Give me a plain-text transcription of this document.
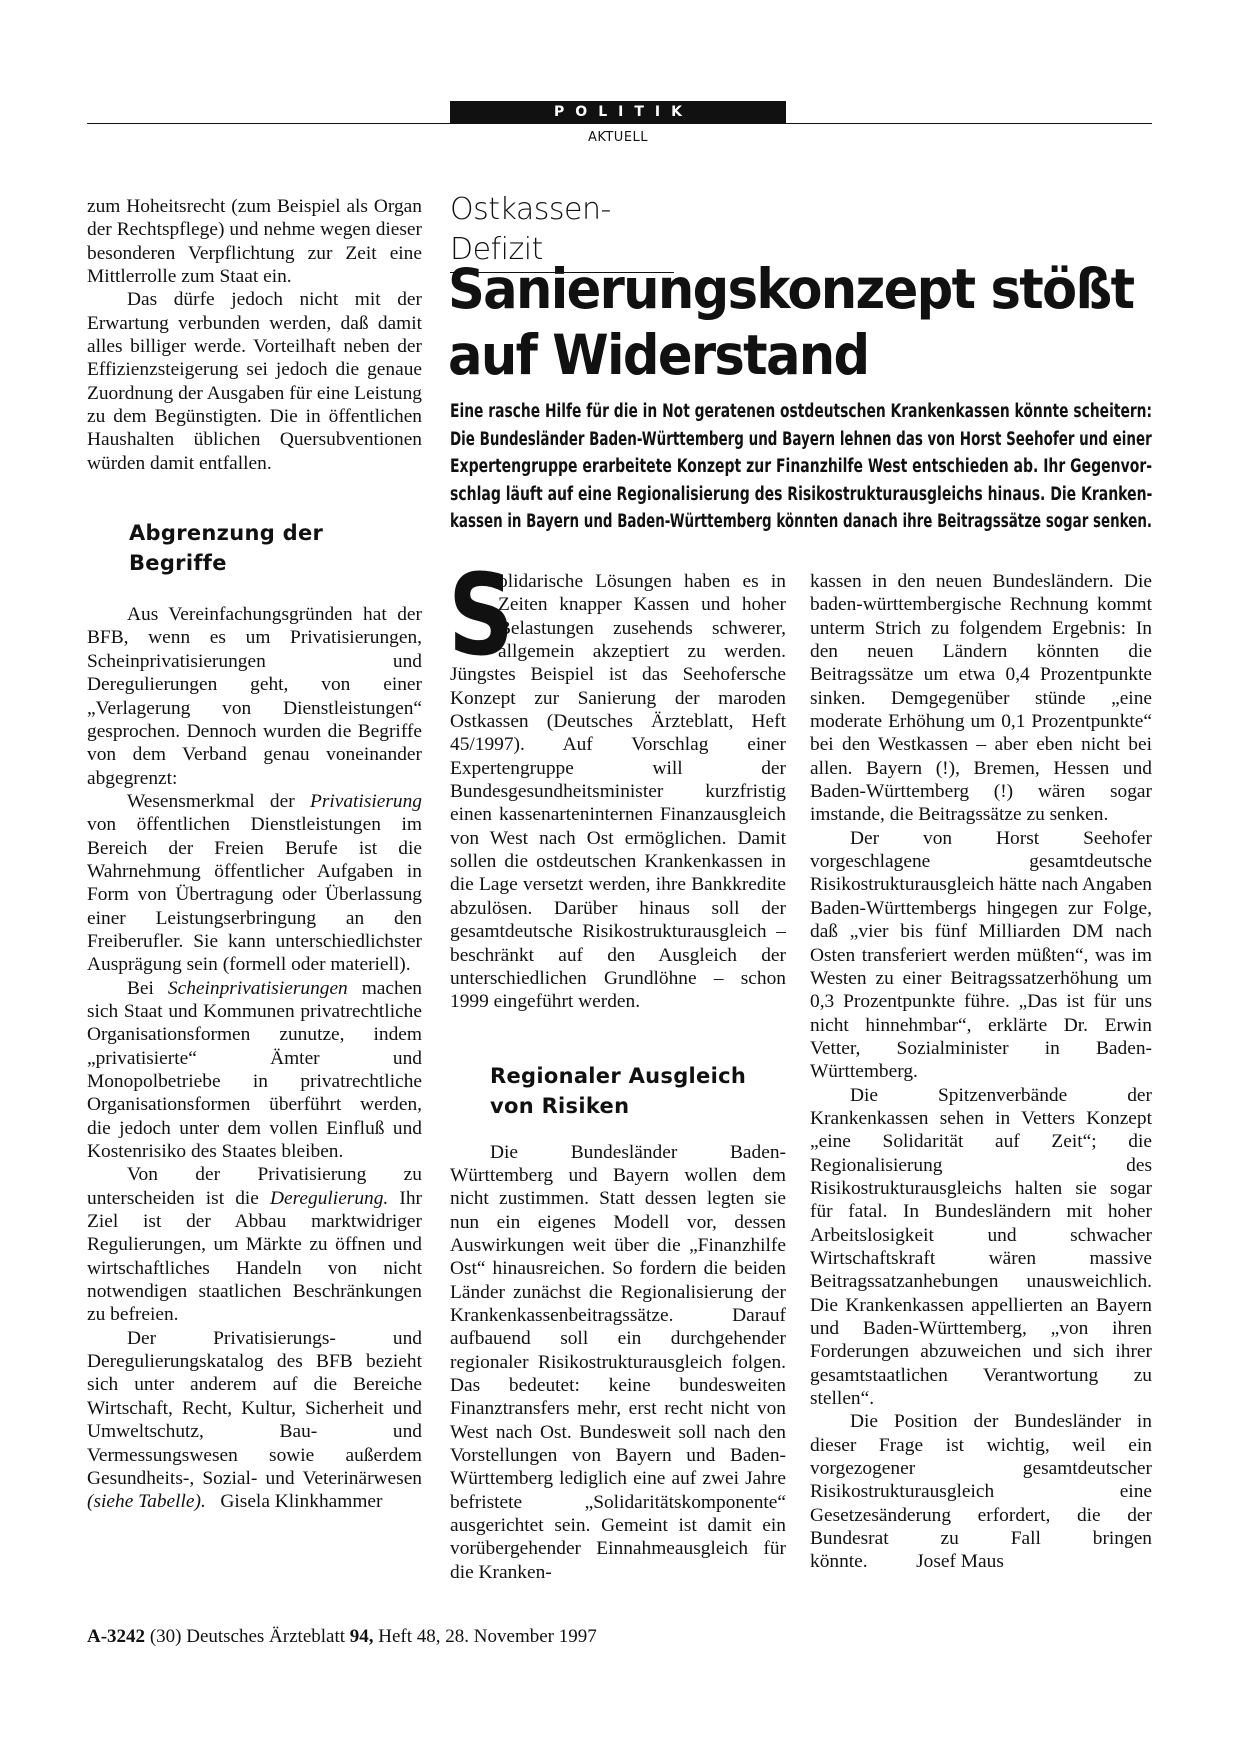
POLITIK
AKTUELL

zum Hoheitsrecht (zum Beispiel als Organ der Rechtspflege) und nehme wegen dieser besonderen Verpflichtung zur Zeit eine Mittlerrolle zum Staat ein.

Das dürfe jedoch nicht mit der Erwartung verbunden werden, daß damit alles billiger werde. Vorteilhaft neben der Effizienzsteigerung sei jedoch die genaue Zuordnung der Ausgaben für eine Leistung zu dem Begünstigten. Die in öffentlichen Haushalten üblichen Quersubventionen würden damit entfallen.

Abgrenzung der
Begriffe

Aus Vereinfachungsgründen hat der BFB, wenn es um Privatisierungen, Scheinprivatisierungen und Deregulierungen geht, von einer „Verlagerung von Dienstleistungen“ gesprochen. Dennoch wurden die Begriffe von dem Verband genau voneinander abgegrenzt:

Wesensmerkmal der Privatisierung von öffentlichen Dienstleistungen im Bereich der Freien Berufe ist die Wahrnehmung öffentlicher Aufgaben in Form von Übertragung oder Überlassung einer Leistungserbringung an den Freiberufler. Sie kann unterschiedlichster Ausprägung sein (formell oder materiell).

Bei Scheinprivatisierungen machen sich Staat und Kommunen privatrechtliche Organisationsformen zunutze, indem „privatisierte“ Ämter und Monopolbetriebe in privatrechtliche Organisationsformen überführt werden, die jedoch unter dem vollen Einfluß und Kostenrisiko des Staates bleiben.

Von der Privatisierung zu unterscheiden ist die Deregulierung. Ihr Ziel ist der Abbau marktwidriger Regulierungen, um Märkte zu öffnen und wirtschaftliches Handeln von nicht notwendigen staatlichen Beschränkungen zu befreien.

Der Privatisierungs- und Deregulierungskatalog des BFB bezieht sich unter anderem auf die Bereiche Wirtschaft, Recht, Kultur, Sicherheit und Umweltschutz, Bau- und Vermessungswesen sowie außerdem Gesundheits-, Sozial- und Veterinärwesen (siehe Tabelle). Gisela Klinkhammer

Ostkassen-Defizit
Sanierungskonzept stößt
auf Widerstand
Eine rasche Hilfe für die in Not geratenen ostdeutschen Krankenkassen könnte scheitern:
Die Bundesländer Baden-Württemberg und Bayern lehnen das von Horst Seehofer und einer
Expertengruppe erarbeitete Konzept zur Finanzhilfe West entschieden ab. Ihr Gegenvor-
schlag läuft auf eine Regionalisierung des Risikostrukturausgleichs hinaus. Die Kranken-
kassen in Bayern und Baden-Württemberg könnten danach ihre Beitragssätze sogar senken.

S
olidarische Lösungen haben es in Zeiten knapper Kassen und hoher Belastungen zusehends schwerer, allgemein akzeptiert zu werden. Jüngstes Beispiel ist das Seehofersche Konzept zur Sanierung der maroden Ostkassen (Deutsches Ärzteblatt, Heft 45/1997). Auf Vorschlag einer Expertengruppe will der Bundesgesundheitsminister kurzfristig einen kassenarteninternen Finanzausgleich von West nach Ost ermöglichen. Damit sollen die ostdeutschen Krankenkassen in die Lage versetzt werden, ihre Bankkredite abzulösen. Darüber hinaus soll der gesamtdeutsche Risikostrukturausgleich – beschränkt auf den Ausgleich der unterschiedlichen Grundlöhne – schon 1999 eingeführt werden.

Regionaler Ausgleich
von Risiken

Die Bundesländer Baden-Württemberg und Bayern wollen dem nicht zustimmen. Statt dessen legten sie nun ein eigenes Modell vor, dessen Auswirkungen weit über die „Finanzhilfe Ost“ hinausreichen. So fordern die beiden Länder zunächst die Regionalisierung der Krankenkassenbeitragssätze. Darauf aufbauend soll ein durchgehender regionaler Risikostrukturausgleich folgen. Das bedeutet: keine bundesweiten Finanztransfers mehr, erst recht nicht von West nach Ost. Bundesweit soll nach den Vorstellungen von Bayern und Baden-Württemberg lediglich eine auf zwei Jahre befristete „Solidaritätskomponente“ ausgerichtet sein. Gemeint ist damit ein vorübergehender Einnahmeausgleich für die Kranken-

kassen in den neuen Bundesländern. Die baden-württembergische Rechnung kommt unterm Strich zu folgendem Ergebnis: In den neuen Ländern könnten die Beitragssätze um etwa 0,4 Prozentpunkte sinken. Demgegenüber stünde „eine moderate Erhöhung um 0,1 Prozentpunkte“ bei den Westkassen – aber eben nicht bei allen. Bayern (!), Bremen, Hessen und Baden-Württemberg (!) wären sogar imstande, die Beitragssätze zu senken.

Der von Horst Seehofer vorgeschlagene gesamtdeutsche Risikostrukturausgleich hätte nach Angaben Baden-Württembergs hingegen zur Folge, daß „vier bis fünf Milliarden DM nach Osten transferiert werden müßten“, was im Westen zu einer Beitragssatzerhöhung um 0,3 Prozentpunkte führe. „Das ist für uns nicht hinnehmbar“, erklärte Dr. Erwin Vetter, Sozialminister in Baden-Württemberg.

Die Spitzenverbände der Krankenkassen sehen in Vetters Konzept „eine Solidarität auf Zeit“; die Regionalisierung des Risikostrukturausgleichs halten sie sogar für fatal. In Bundesländern mit hoher Arbeitslosigkeit und schwacher Wirtschaftskraft wären massive Beitragssatzanhebungen unausweichlich. Die Krankenkassen appellierten an Bayern und Baden-Württemberg, „von ihren Forderungen abzuweichen und sich ihrer gesamtstaatlichen Verantwortung zu stellen“.

Die Position der Bundesländer in dieser Frage ist wichtig, weil ein vorgezogener gesamtdeutscher Risikostrukturausgleich eine Gesetzesänderung erfordert, die der Bundesrat zu Fall bringen könnte. Josef Maus

A-3242 (30) Deutsches Ärzteblatt 94, Heft 48, 28. November 1997
